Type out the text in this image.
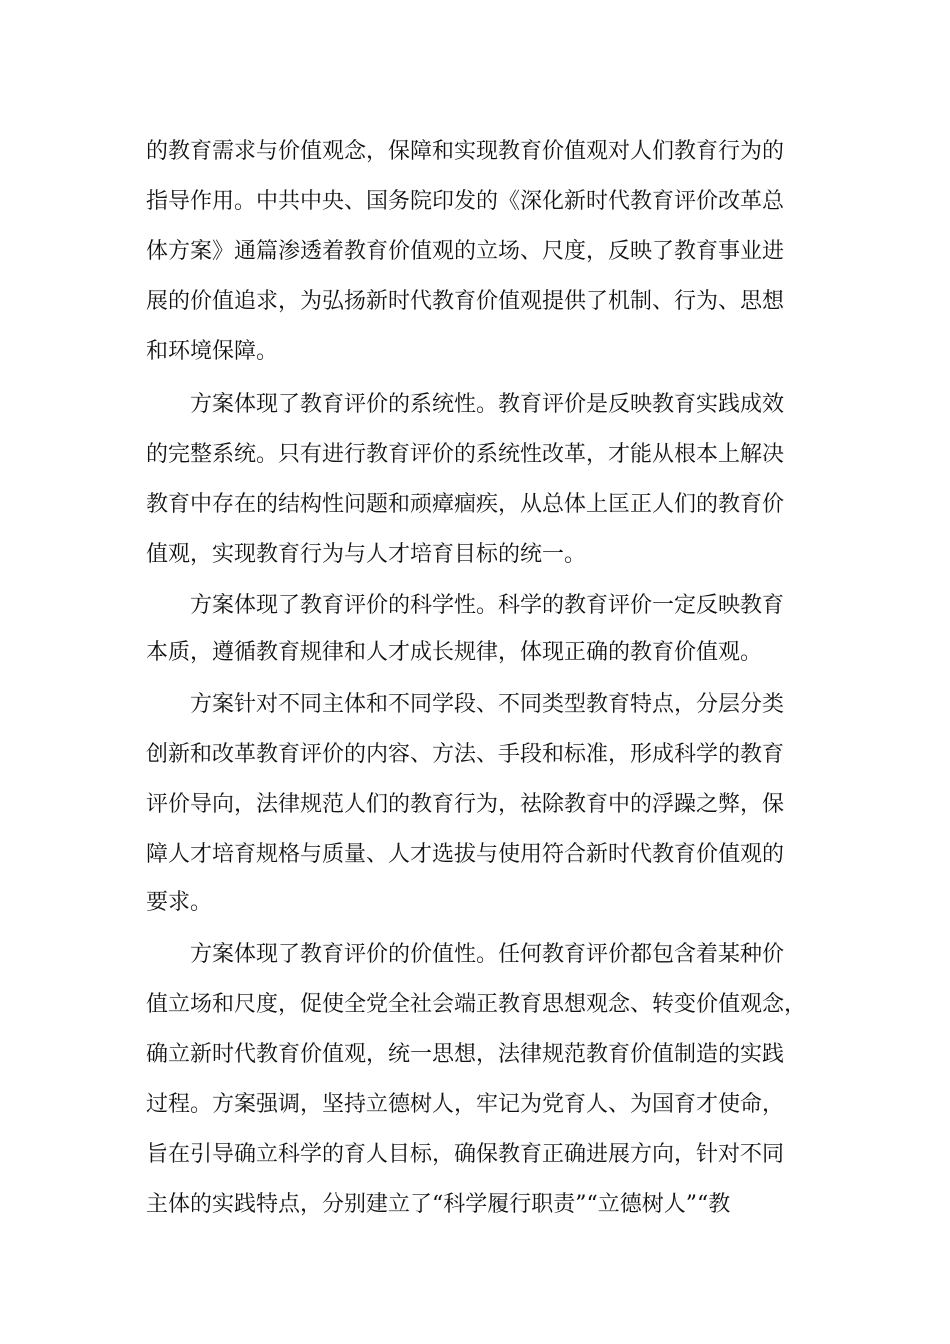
的教育需求与价值观念，保障和实现教育价值观对人们教育行为的
指导作用。中共中央、国务院印发的《深化新时代教育评价改革总
体方案》通篇渗透着教育价值观的立场、尺度，反映了教育事业进
展的价值追求，为弘扬新时代教育价值观提供了机制、行为、思想
和环境保障。
方案体现了教育评价的系统性。教育评价是反映教育实践成效
的完整系统。只有进行教育评价的系统性改革，才能从根本上解决
教育中存在的结构性问题和顽瘴痼疾，从总体上匡正人们的教育价
值观，实现教育行为与人才培育目标的统一。
方案体现了教育评价的科学性。科学的教育评价一定反映教育
本质，遵循教育规律和人才成长规律，体现正确的教育价值观。
方案针对不同主体和不同学段、不同类型教育特点，分层分类
创新和改革教育评价的内容、方法、手段和标准，形成科学的教育
评价导向，法律规范人们的教育行为，祛除教育中的浮躁之弊，保
障人才培育规格与质量、人才选拔与使用符合新时代教育价值观的
要求。
方案体现了教育评价的价值性。任何教育评价都包含着某种价
值立场和尺度，促使全党全社会端正教育思想观念、转变价值观念，
确立新时代教育价值观，统一思想，法律规范教育价值制造的实践
过程。方案强调，坚持立德树人，牢记为党育人、为国育才使命，
旨在引导确立科学的育人目标，确保教育正确进展方向，针对不同
主体的实践特点，分别建立了“科学履行职责”“立德树人”“教
